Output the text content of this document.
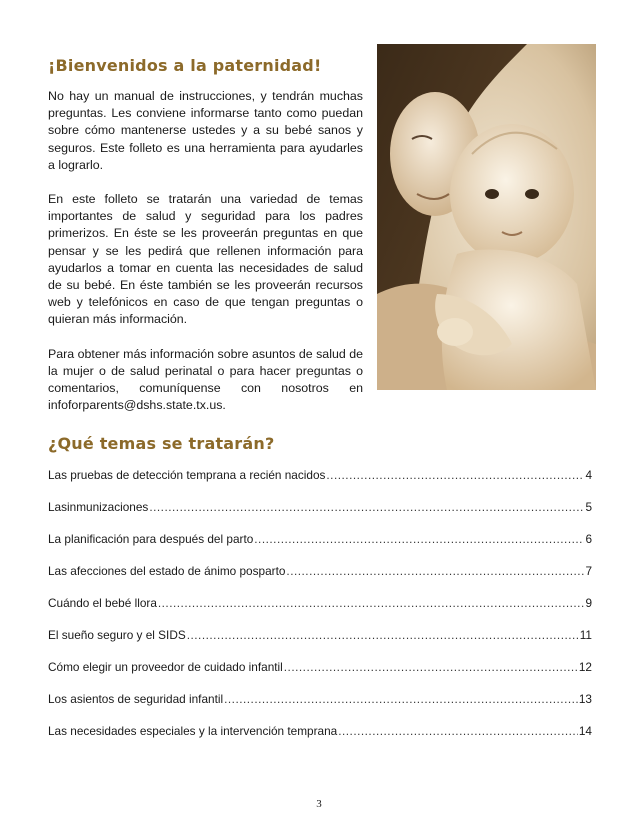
¡Bienvenidos a la paternidad!

No hay un manual de instrucciones, y tendrán muchas preguntas. Les conviene informarse tanto como puedan sobre cómo mantenerse ustedes y a su bebé sanos y seguros. Este folleto es una herramienta para ayudarles a lograrlo.

En este folleto se tratarán una variedad de temas importantes de salud y seguridad para los padres primerizos. En éste se les proveerán preguntas en que pensar y se les pedirá que rellenen información para ayudarlos a tomar en cuenta las necesidades de salud de su bebé. En éste también se les proveerán recursos web y telefónicos en caso de que tengan preguntas o quieran más información.

Para obtener más información sobre asuntos de salud de la mujer o de salud perinatal o para hacer preguntas o comentarios, comuníquense con nosotros en infoforparents@dshs.state.tx.us.

¿Qué temas se tratarán?
Las pruebas de detección temprana a recién nacidos .....	4
Lasinmunizaciones .....	5
La planificación para después del parto .....	6
Las afecciones del estado de ánimo posparto .....	7
Cuándo el bebé llora .....	9
El sueño seguro y el SIDS .....	11
Cómo elegir un proveedor de cuidado infantil .....	12
Los asientos de seguridad infantil .....	13
Las necesidades especiales y la intervención temprana .....	14
3
